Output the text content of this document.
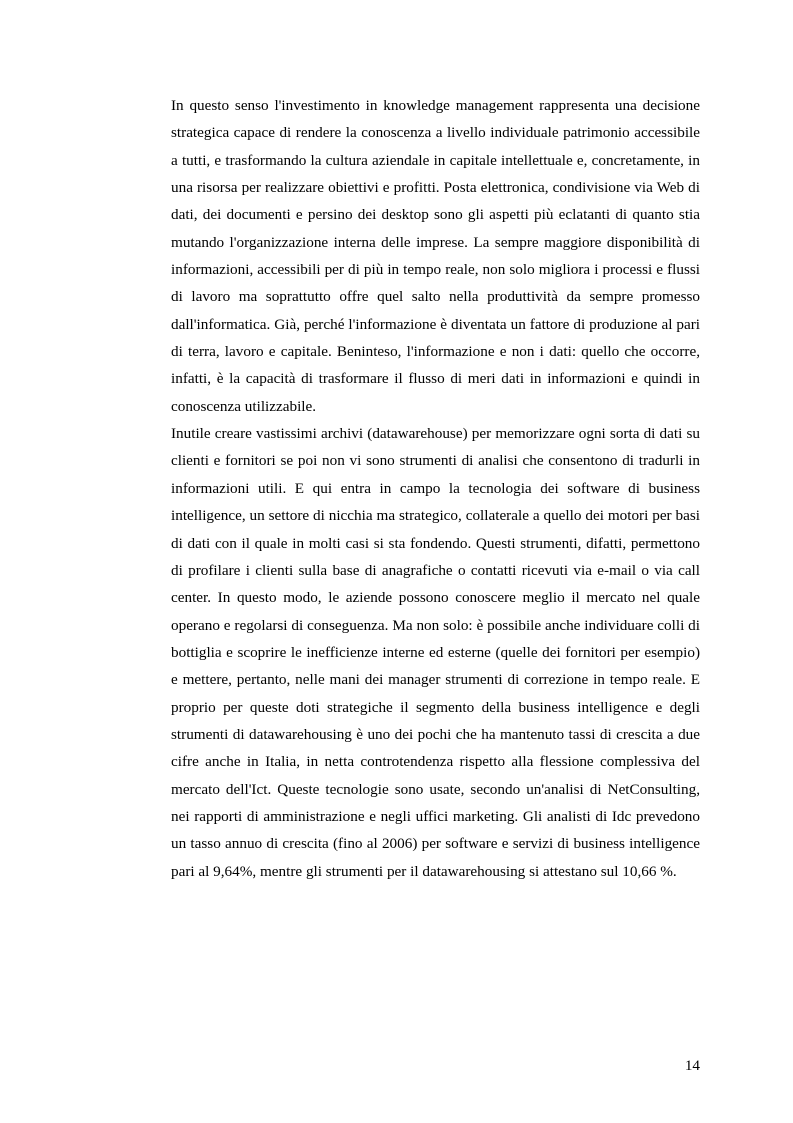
In questo senso l'investimento in knowledge management rappresenta una decisione strategica capace di rendere la conoscenza a livello individuale patrimonio accessibile a tutti, e trasformando la cultura aziendale in capitale intellettuale e, concretamente, in una risorsa per realizzare obiettivi e profitti. Posta elettronica, condivisione via Web di dati, dei documenti e persino dei desktop sono gli aspetti più eclatanti di quanto stia mutando l'organizzazione interna delle imprese. La sempre maggiore disponibilità di informazioni, accessibili per di più in tempo reale, non solo migliora i processi e flussi di lavoro ma soprattutto offre quel salto nella produttività da sempre promesso dall'informatica. Già, perché l'informazione è diventata un fattore di produzione al pari di terra, lavoro e capitale. Beninteso, l'informazione e non i dati: quello che occorre, infatti, è la capacità di trasformare il flusso di meri dati in informazioni e quindi in conoscenza utilizzabile.

Inutile creare vastissimi archivi (datawarehouse) per memorizzare ogni sorta di dati su clienti e fornitori se poi non vi sono strumenti di analisi che consentono di tradurli in informazioni utili. E qui entra in campo la tecnologia dei software di business intelligence, un settore di nicchia ma strategico, collaterale a quello dei motori per basi di dati con il quale in molti casi si sta fondendo. Questi strumenti, difatti, permettono di profilare i clienti sulla base di anagrafiche o contatti ricevuti via e-mail o via call center. In questo modo, le aziende possono conoscere meglio il mercato nel quale operano e regolarsi di conseguenza. Ma non solo: è possibile anche individuare colli di bottiglia e scoprire le inefficienze interne ed esterne (quelle dei fornitori per esempio) e mettere, pertanto, nelle mani dei manager strumenti di correzione in tempo reale. E proprio per queste doti strategiche il segmento della business intelligence e degli strumenti di datawarehousing è uno dei pochi che ha mantenuto tassi di crescita a due cifre anche in Italia, in netta controtendenza rispetto alla flessione complessiva del mercato dell'Ict. Queste tecnologie sono usate, secondo un'analisi di NetConsulting, nei rapporti di amministrazione e negli uffici marketing. Gli analisti di Idc prevedono un tasso annuo di crescita (fino al 2006) per software e servizi di business intelligence pari al 9,64%, mentre gli strumenti per il datawarehousing si attestano sul 10,66 %.

14
